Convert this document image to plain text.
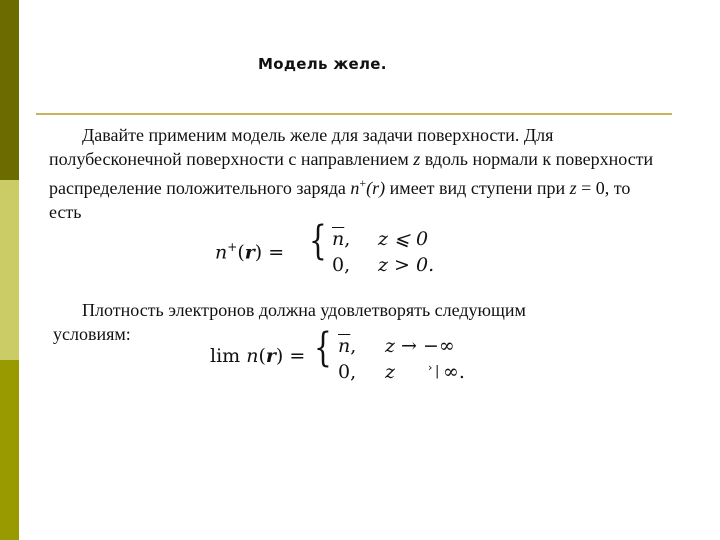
Модель желе.

Давайте применим модель желе для задачи поверхности. Для полубесконечной поверхности с направлением z вдоль нормали к поверхности распределение положительного заряда n+(r) имеет вид ступени при z = 0, то есть

n+(r) = { $\overline{n}$, z ⩽ 0
0, z > 0.
Плотность электронов должна удовлетворять следующим
условиям:
lim n(r) = { $\overline{n}$, z → −∞
0, z	› | ∞.
